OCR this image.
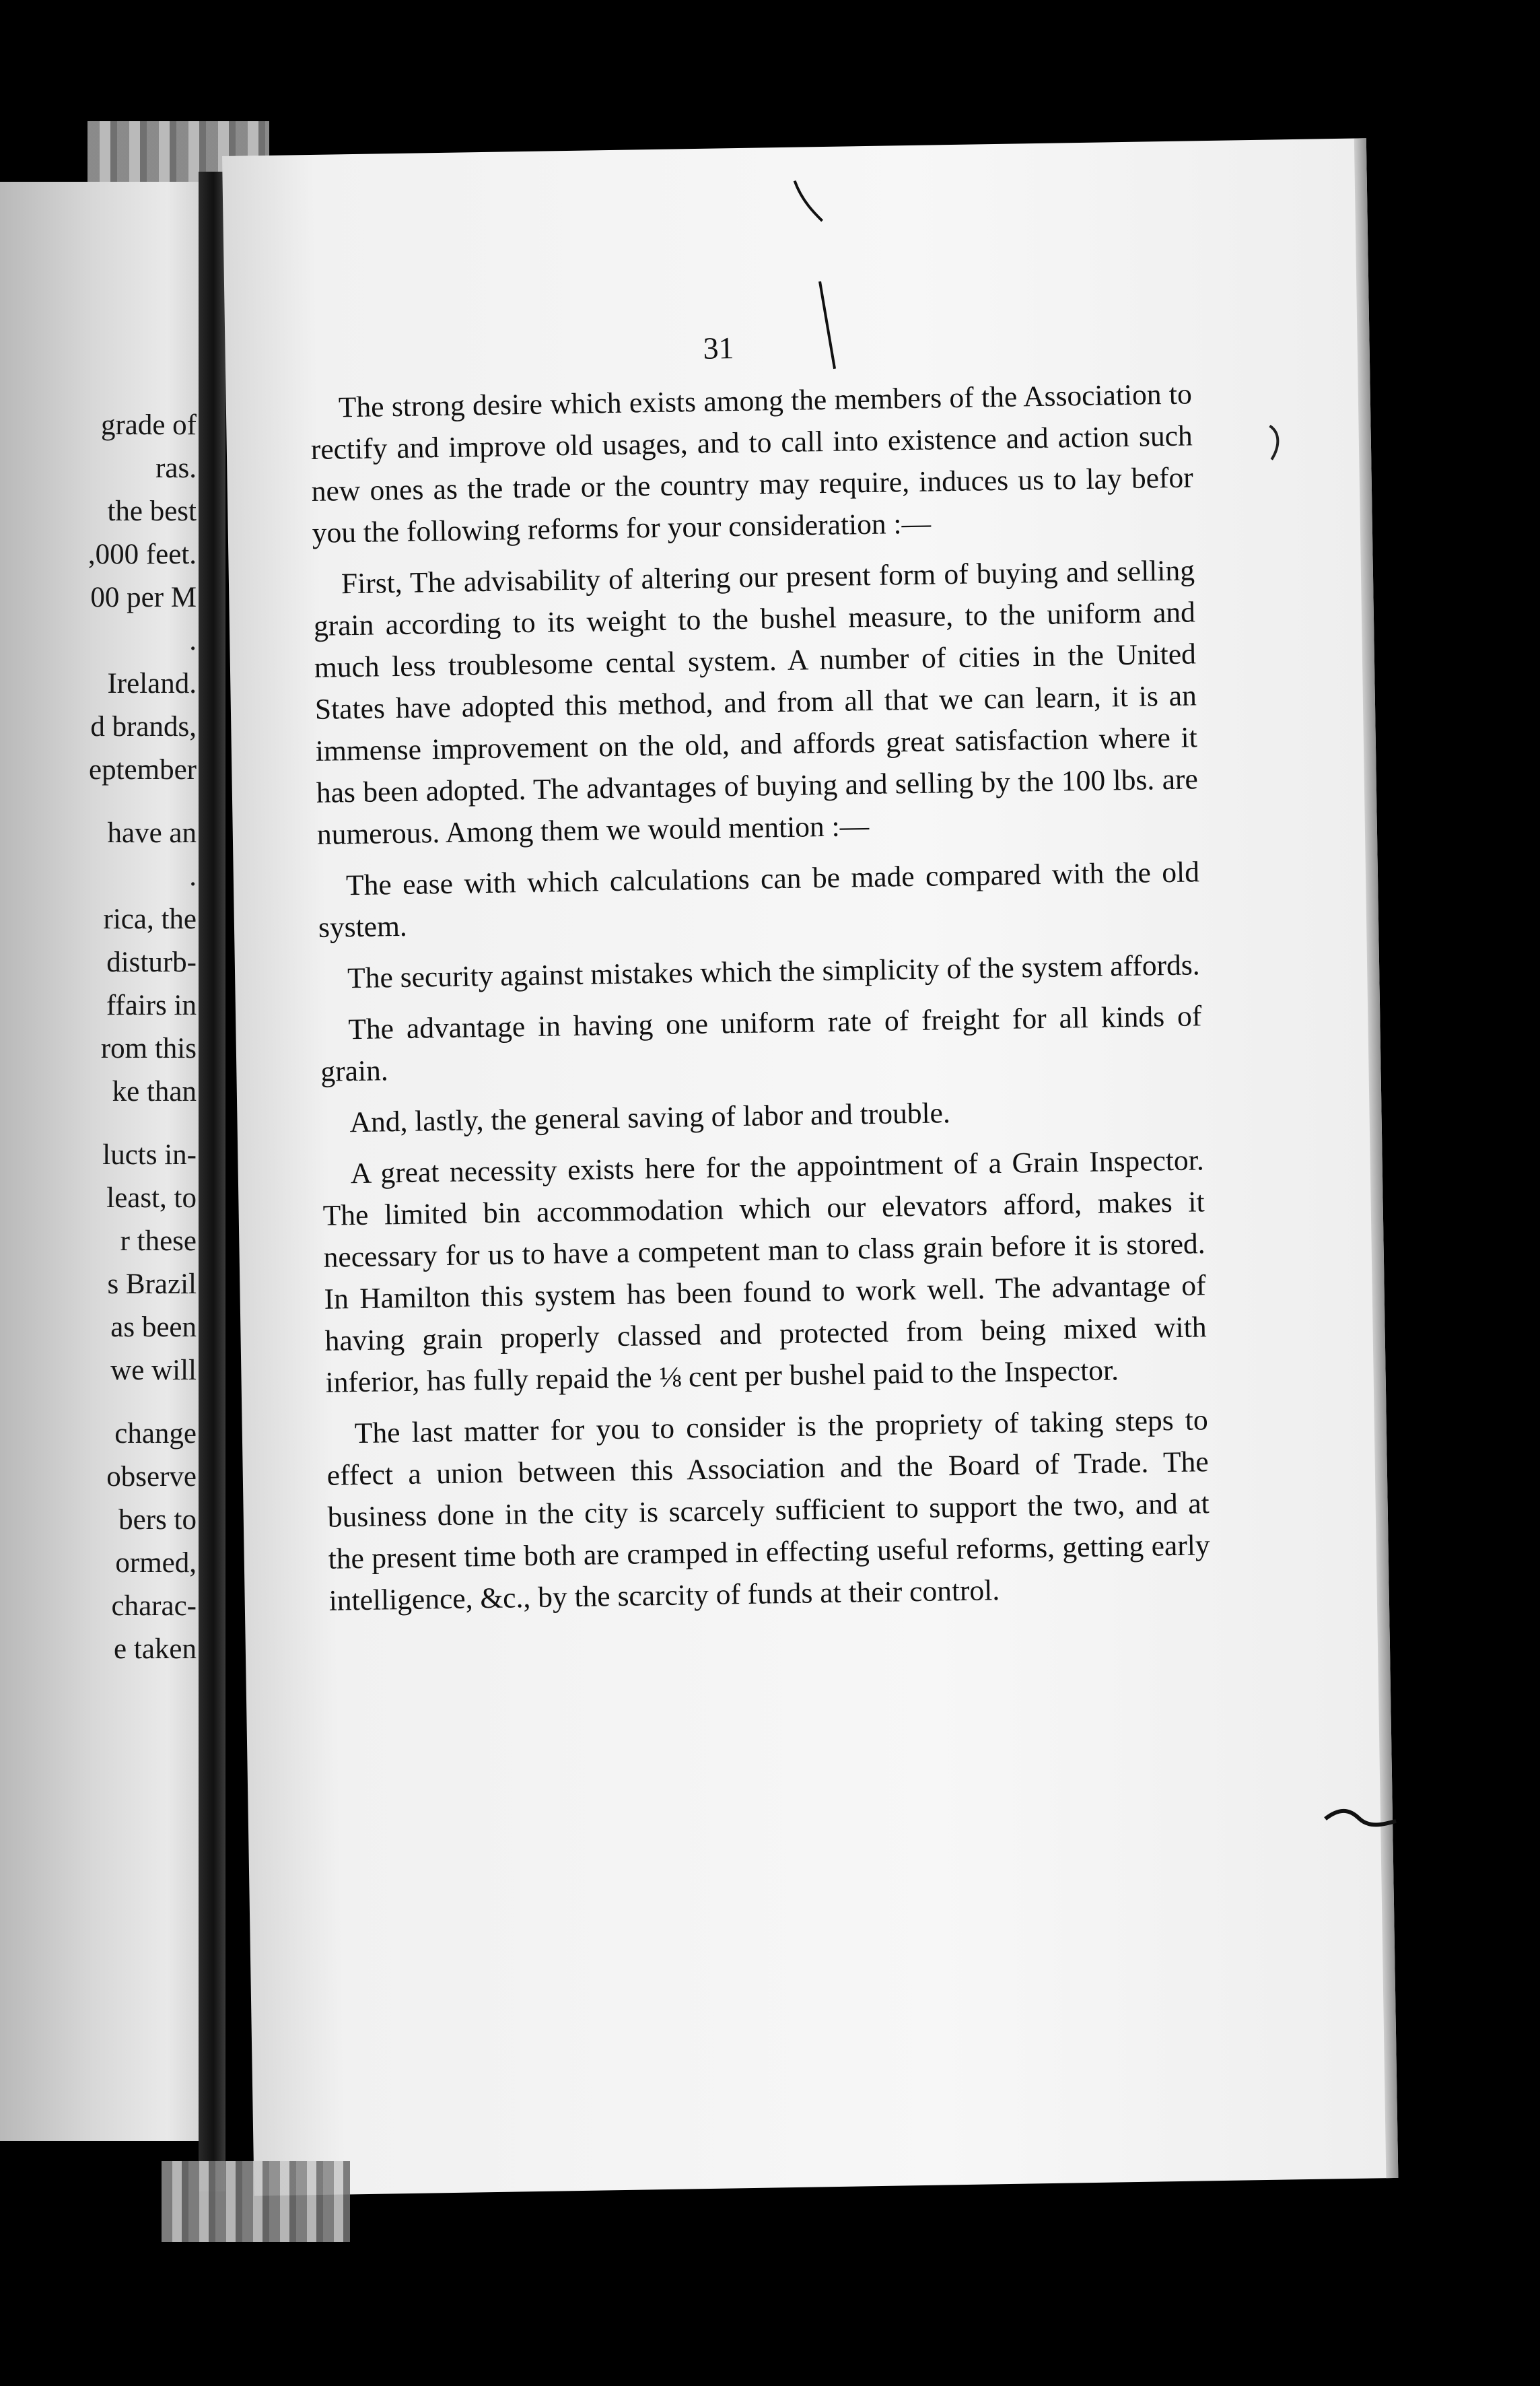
grade of
ras.
the best
,000 feet.
00 per M
.
Ireland.
d brands,
eptember
have an
.
rica, the
disturb-
ffairs in
rom this
ke than
lucts in-
least, to
r these
s Brazil
as been
we will
change
observe
bers to
ormed,
charac-
e taken
31

The strong desire which exists among the members of the Association to rectify and improve old usages, and to call into existence and action such new ones as the trade or the country may require, induces us to lay befor you the following reforms for your consideration :—

First, The advisability of altering our present form of buying and selling grain according to its weight to the bushel measure, to the uniform and much less troublesome cental system. A number of cities in the United States have adopted this method, and from all that we can learn, it is an immense improvement on the old, and affords great satisfaction where it has been adopted. The advantages of buying and selling by the 100 lbs. are numerous. Among them we would mention :—

The ease with which calculations can be made compared with the old system.

The security against mistakes which the simplicity of the system affords.

The advantage in having one uniform rate of freight for all kinds of grain.

And, lastly, the general saving of labor and trouble.

A great necessity exists here for the appointment of a Grain Inspector. The limited bin accommodation which our elevators afford, makes it necessary for us to have a competent man to class grain before it is stored. In Hamilton this system has been found to work well. The advantage of having grain properly classed and protected from being mixed with inferior, has fully repaid the ⅛ cent per bushel paid to the Inspector.

The last matter for you to consider is the propriety of taking steps to effect a union between this Association and the Board of Trade. The business done in the city is scarcely sufficient to support the two, and at the present time both are cramped in effecting useful reforms, getting early intelligence, &c., by the scarcity of funds at their control.
